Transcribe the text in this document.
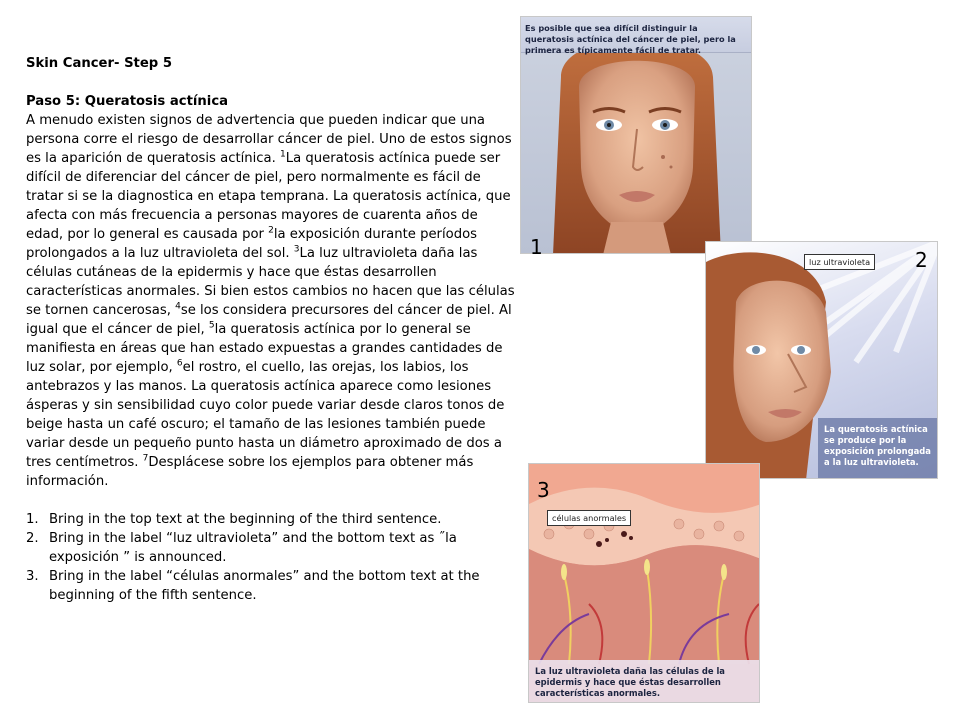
Skin Cancer- Step 5

Paso 5: Queratosis actínica

A menudo existen signos de advertencia que pueden indicar que una persona corre el riesgo de desarrollar cáncer de piel. Uno de estos signos es la aparición de queratosis actínica. $^1$La queratosis actínica puede ser difícil de diferenciar del cáncer de piel, pero normalmente es fácil de tratar si se la diagnostica en etapa temprana. La queratosis actínica, que afecta con más frecuencia a personas mayores de cuarenta años de edad, por lo general es causada por $^2$la exposición durante períodos prolongados a la luz ultravioleta del sol. $^3$La luz ultravioleta daña las células cutáneas de la epidermis y hace que éstas desarrollen características anormales. Si bien estos cambios no hacen que las células se tornen cancerosas, $^4$se los considera precursores del cáncer de piel. Al igual que el cáncer de piel, $^5$la queratosis actínica por lo general se manifiesta en áreas que han estado expuestas a grandes cantidades de luz solar, por ejemplo, $^6$el rostro, el cuello, las orejas, los labios, los antebrazos y las manos. La queratosis actínica aparece como lesiones ásperas y sin sensibilidad cuyo color puede variar desde claros tonos de beige hasta un café oscuro; el tamaño de las lesiones también puede variar desde un pequeño punto hasta un diámetro aproximado de dos a tres centímetros. $^7$Desplácese sobre los ejemplos para obtener más información.

1. Bring in the top text at the beginning of the third sentence.
2. Bring in the label “luz ultravioleta” and the bottom text as ˝la exposición ” is announced.
3. Bring in the label “células anormales” and the bottom text at the beginning of the fifth sentence.
Es posible que sea difícil distinguir la queratosis actínica del cáncer de piel, pero la primera es típicamente fácil de tratar.
1
luz ultravioleta
La queratosis actínica se produce por la exposición prolongada a la luz ultravioleta.
2
células anormales
La luz ultravioleta daña las células de la epidermis y hace que éstas desarrollen características anormales.
3
